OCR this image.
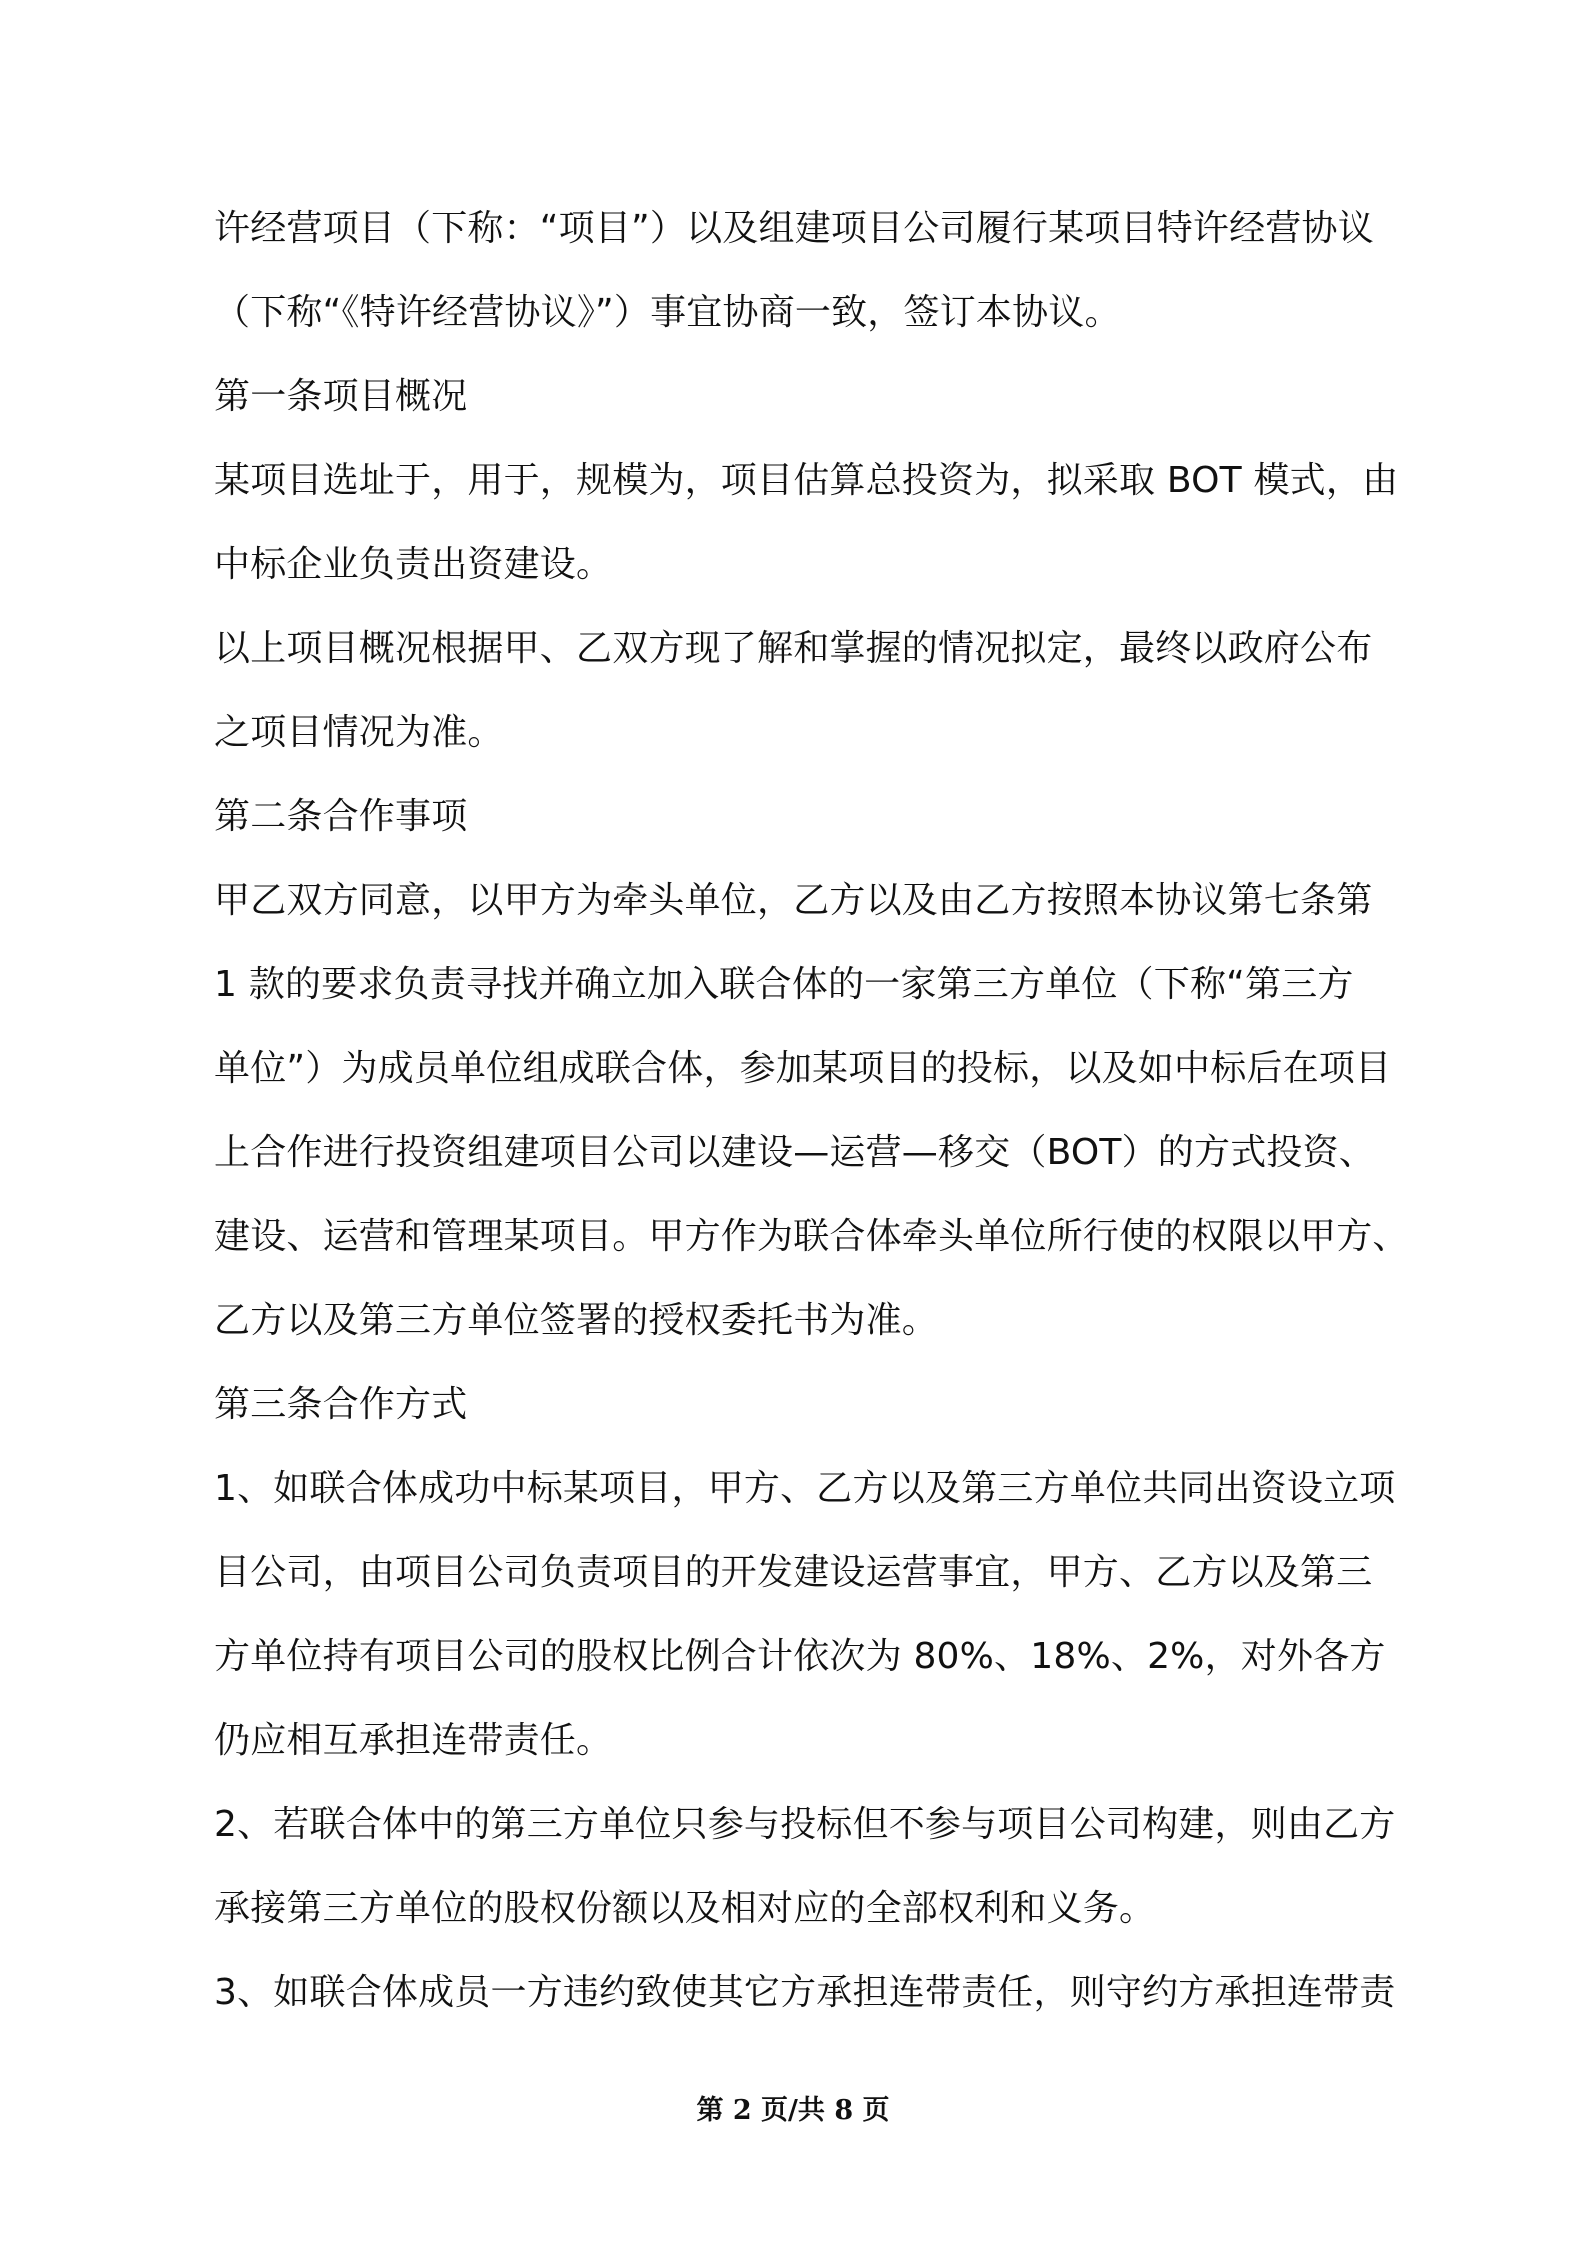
许经营项目（下称：“项目”）以及组建项目公司履行某项目特许经营协议
（下称“《特许经营协议》”）事宜协商一致，签订本协议。
第一条项目概况
某项目选址于，用于，规模为，项目估算总投资为，拟采取 BOT 模式，由
中标企业负责出资建设。
以上项目概况根据甲、乙双方现了解和掌握的情况拟定，最终以政府公布
之项目情况为准。
第二条合作事项
甲乙双方同意，以甲方为牵头单位，乙方以及由乙方按照本协议第七条第
1 款的要求负责寻找并确立加入联合体的一家第三方单位（下称“第三方
单位”）为成员单位组成联合体，参加某项目的投标，以及如中标后在项目
上合作进行投资组建项目公司以建设—运营—移交（BOT）的方式投资、
建设、运营和管理某项目。甲方作为联合体牵头单位所行使的权限以甲方、
乙方以及第三方单位签署的授权委托书为准。
第三条合作方式
1、如联合体成功中标某项目，甲方、乙方以及第三方单位共同出资设立项
目公司，由项目公司负责项目的开发建设运营事宜，甲方、乙方以及第三
方单位持有项目公司的股权比例合计依次为 80%、18%、2%，对外各方
仍应相互承担连带责任。
2、若联合体中的第三方单位只参与投标但不参与项目公司构建，则由乙方
承接第三方单位的股权份额以及相对应的全部权利和义务。
3、如联合体成员一方违约致使其它方承担连带责任，则守约方承担连带责
第 2 页/共 8 页
